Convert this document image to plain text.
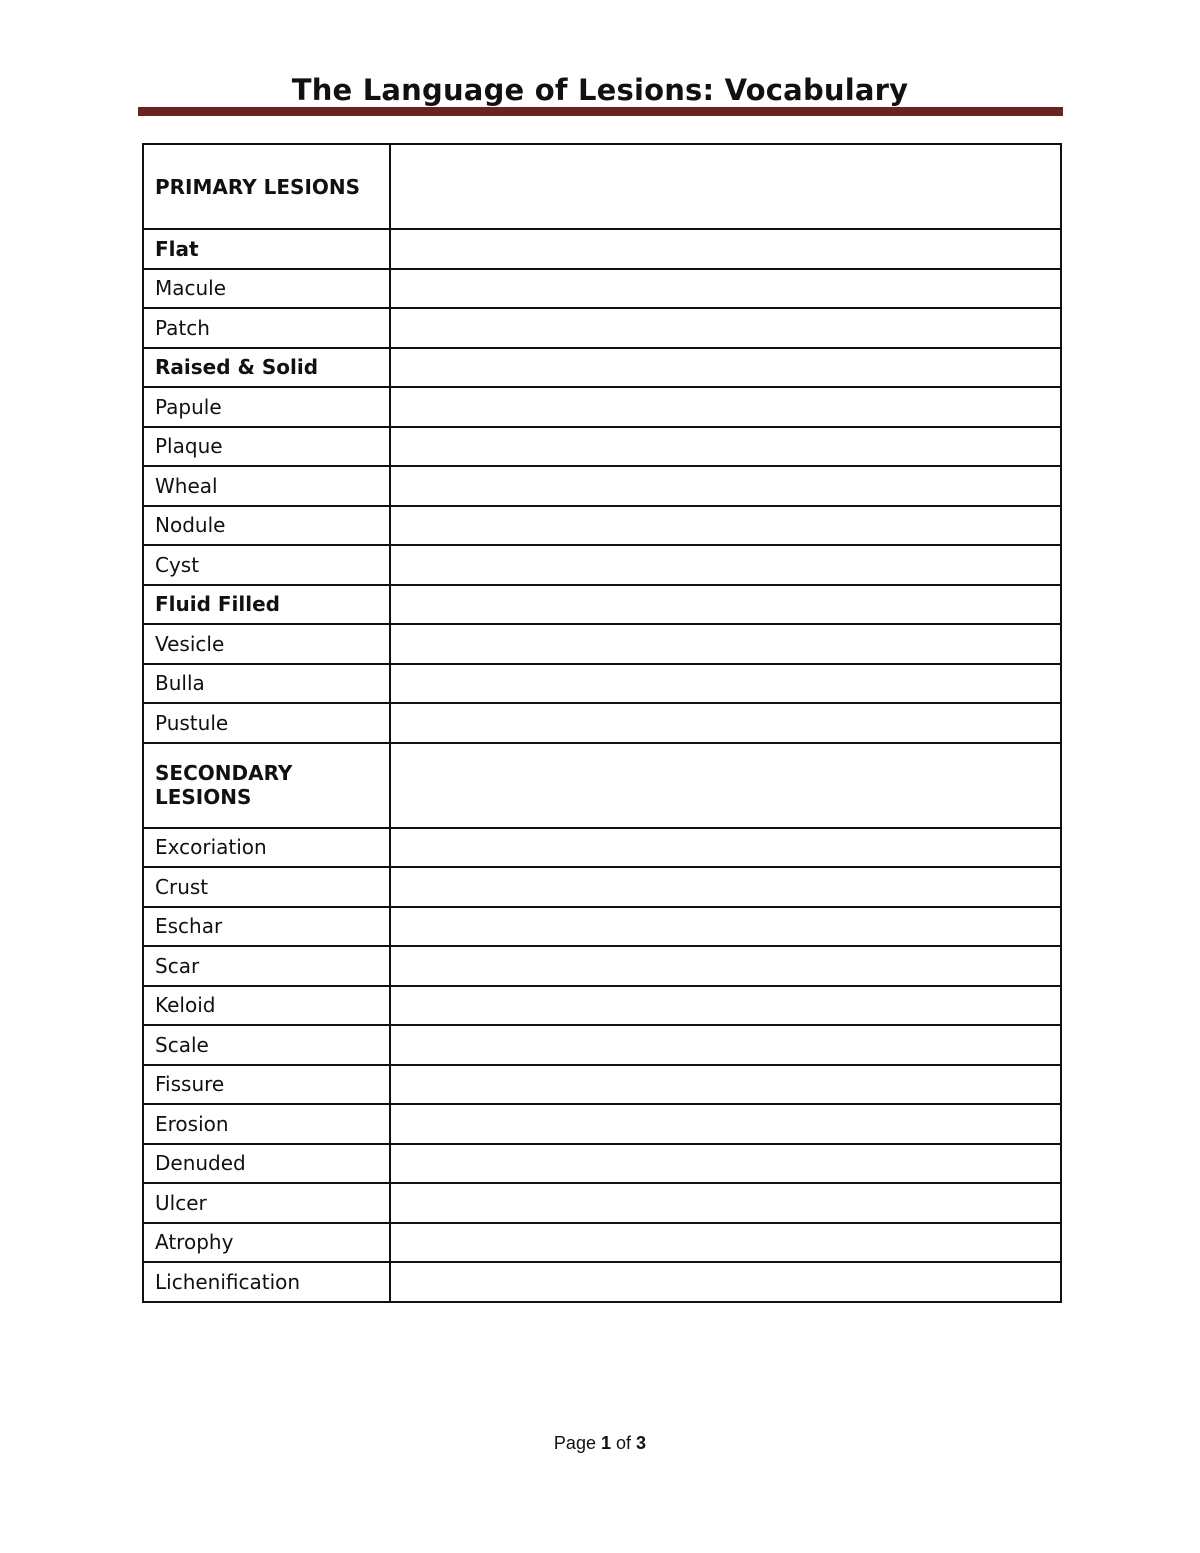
The Language of Lesions: Vocabulary
PRIMARY LESIONS	
Flat	
Macule	
Patch	
Raised & Solid	
Papule	
Plaque	
Wheal	
Nodule	
Cyst	
Fluid Filled	
Vesicle	
Bulla	
Pustule	
SECONDARY LESIONS	
Excoriation	
Crust	
Eschar	
Scar	
Keloid	
Scale	
Fissure	
Erosion	
Denuded	
Ulcer	
Atrophy	
Lichenification	
Page 1 of 3
